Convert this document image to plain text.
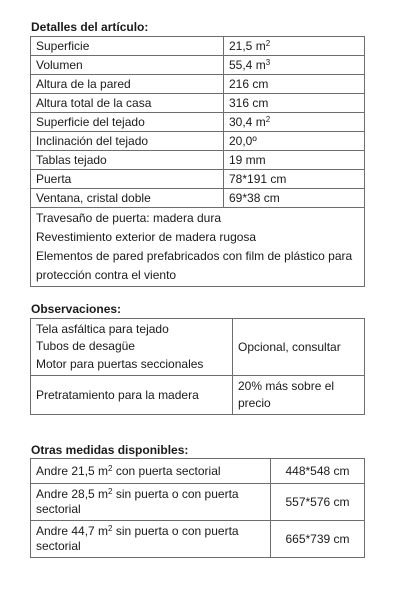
Detalles del artículo:
Superficie	21,5 $m^2$
Volumen	55,4 $m^3$
Altura de la pared	216 cm
Altura total de la casa	316 cm
Superficie del tejado	30,4 $m^2$
Inclinación del tejado	20,0º
Tablas tejado	19 mm
Puerta	78*191 cm
Ventana, cristal doble	69*38 cm

Travesaño de puerta: madera dura
Revestimiento exterior de madera rugosa
Elementos de pared prefabricados con film de plástico para
protección contra el viento	
Observaciones:
Tela asfáltica para tejado
Tubos de desagüe
Motor para puertas seccionales	Opcional, consultar
Pretratamiento para la madera	20% más sobre el
precio
Otras medidas disponibles:
Andre 21,5 $m^2$ con puerta sectorial	448*548 cm

Andre 28,5 $m^2$ sin puerta o con puerta
sectorial	557*576 cm

Andre 44,7 $m^2$ sin puerta o con puerta
sectorial	665*739 cm
